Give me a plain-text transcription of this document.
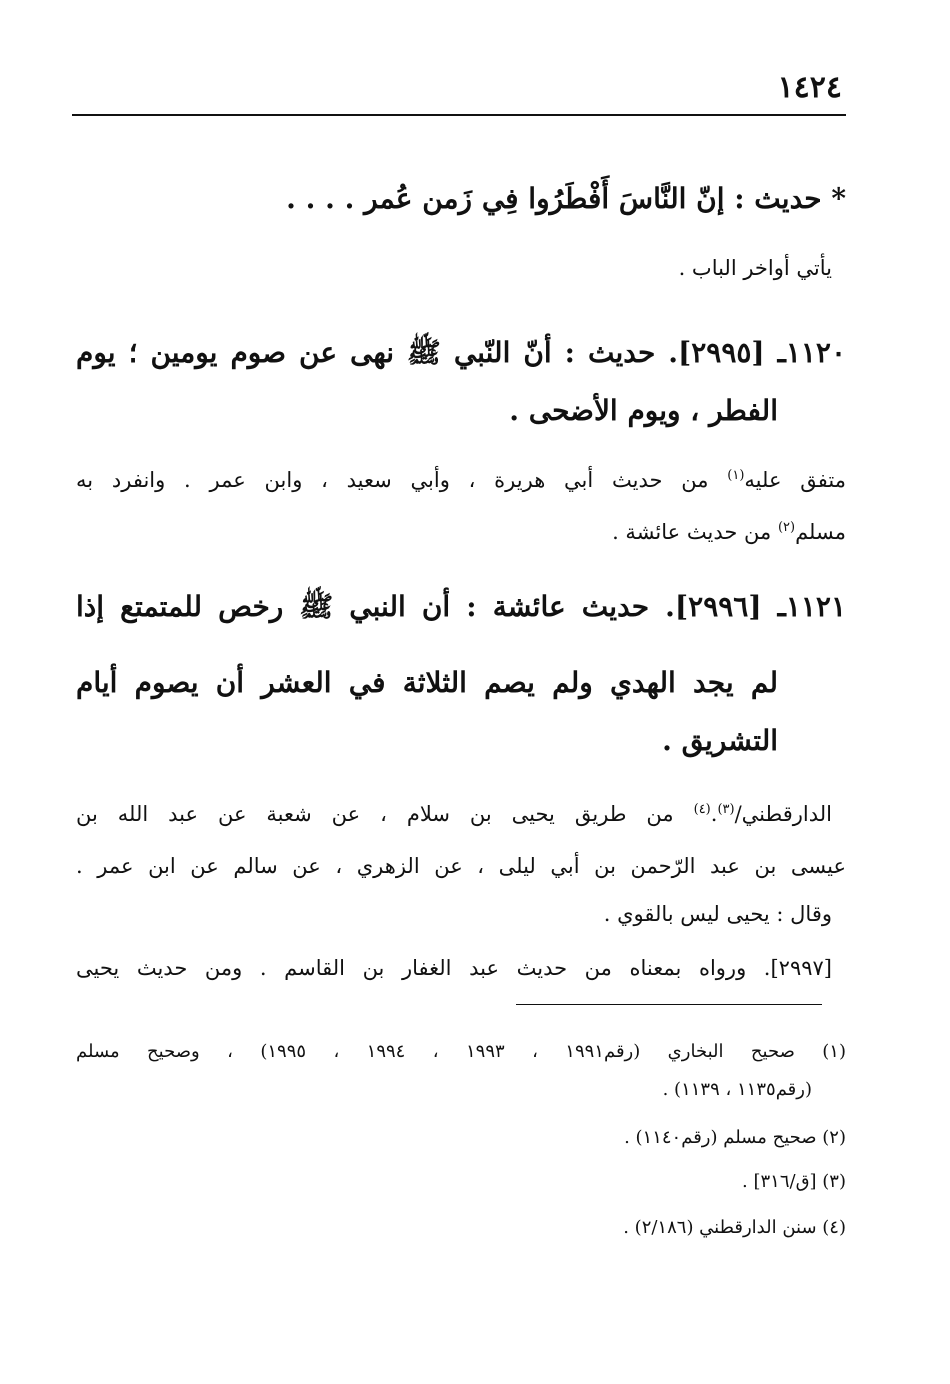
١٤٢٤
* حديث : إنّ النَّاسَ أَفْطَرُوا فِي زَمن عُمر . . . .
يأتي أواخر الباب .
١١٢٠ـ [٢٩٩٥]. حديث : أنّ النّبي ﷺ نهى عن صوم يومين ؛ يوم
الفطر ، ويوم الأضحى .
متفق عليه$^{(١)}$ من حديث أبي هريرة ، وأبي سعيد ، وابن عمر . وانفرد به
مسلم$^{(٢)}$ من حديث عائشة .
١١٢١ـ [٢٩٩٦]. حديث عائشة : أن النبي ﷺ رخص للمتمتع إذا
لم يجد الهدي ولم يصم الثلاثة في العشر أن يصوم أيام
التشريق .
الدارقطني/$^{(٣)}$.$^{(٤)}$ من طريق يحيى بن سلام ، عن شعبة عن عبد الله بن
عيسى بن عبد الرّحمن بن أبي ليلى ، عن الزهري ، عن سالم عن ابن عمر .
وقال : يحيى ليس بالقوي .
[٢٩٩٧]. ورواه بمعناه من حديث عبد الغفار بن القاسم . ومن حديث يحيى
(١) صحيح البخاري (رقم١٩٩١ ، ١٩٩٣ ، ١٩٩٤ ، ١٩٩٥) ، وصحيح مسلم
(رقم١١٣٥ ، ١١٣٩) .
(٢) صحيح مسلم (رقم١١٤٠) .
(٣) [ق/٣١٦] .
(٤) سنن الدارقطني (٢/١٨٦) .
